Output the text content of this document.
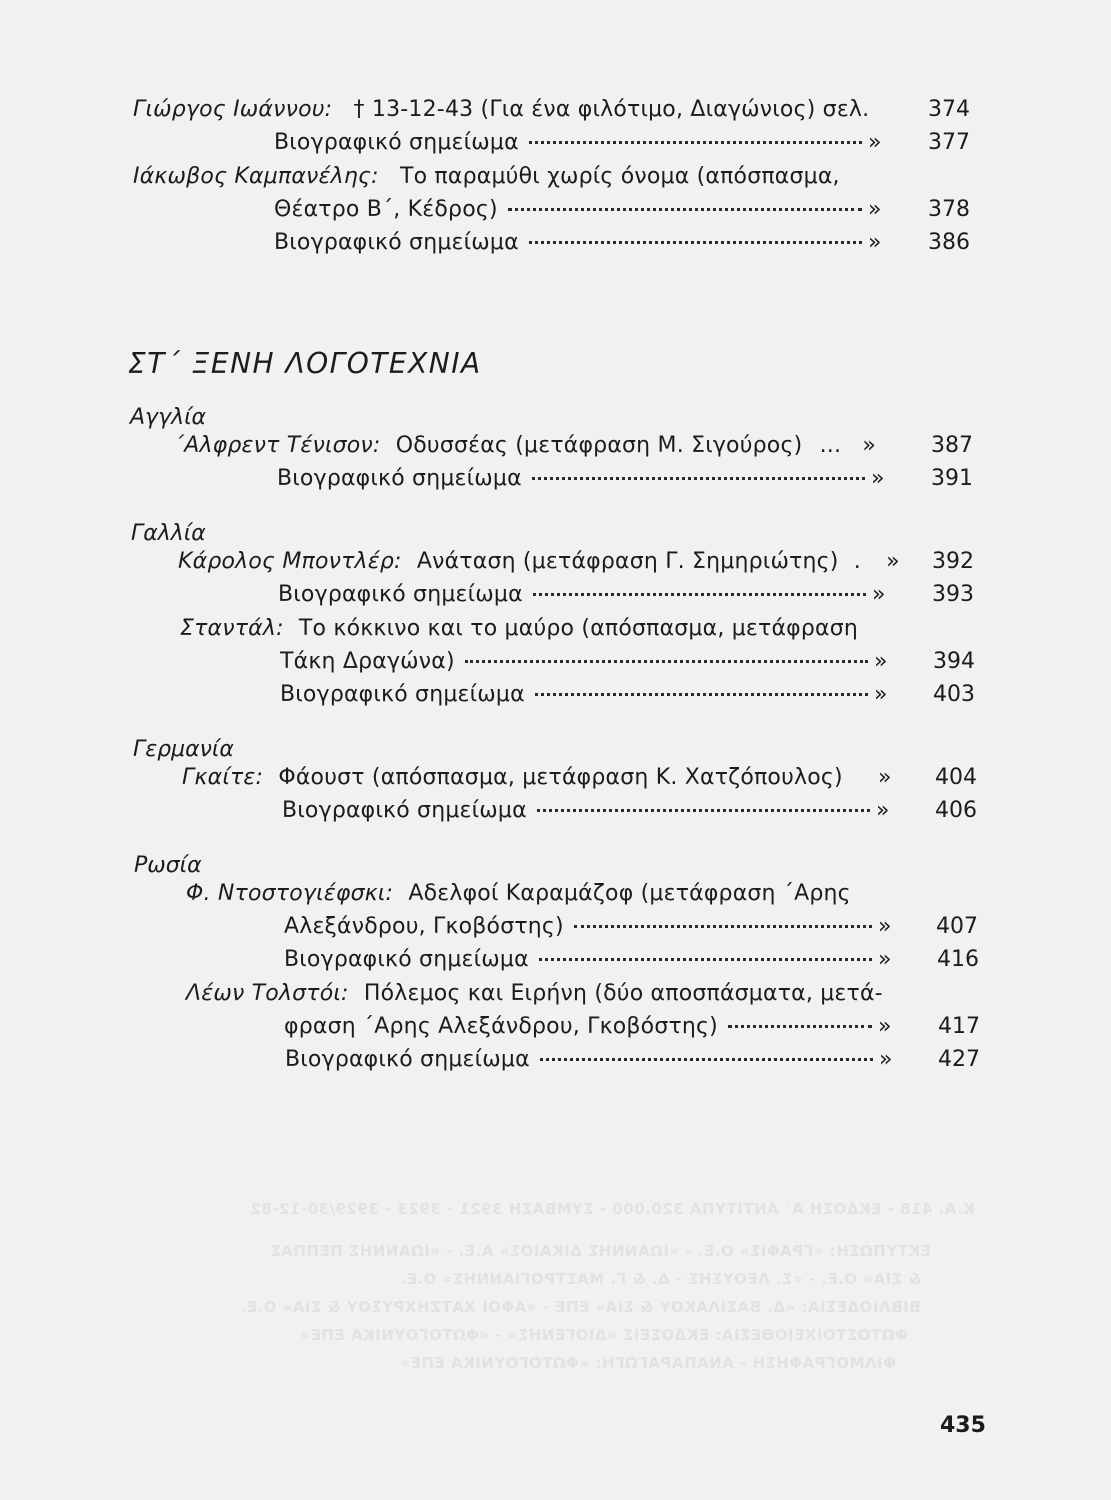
Γιώργος Ιωάννου: † 13-12-43 (Για ένα φιλότιμο, Διαγώνιος) σελ.	374
Βιογραφικό σημείωμα	»	377
Ιάκωβος Καμπανέλης: Το παραμύθι χωρίς όνομα (απόσπασμα,
Θέατρο Β΄, Κέδρος)	»	378
Βιογραφικό σημείωμα	»	386
ΣΤ΄ ΞΕΝΗ ΛΟΓΟΤΕΧΝΙΑ
Αγγλία
΄Αλφρεντ Τένισον: Οδυσσέας (μετάφραση Μ. Σιγούρος) ... » 387
Βιογραφικό σημείωμα	»	391
Γαλλία
Κάρολος Μποντλέρ: Ανάταση (μετάφραση Γ. Σημηριώτης) . » 392
Βιογραφικό σημείωμα	»	393
Σταντάλ: Το κόκκινο και το μαύρο (απόσπασμα, μετάφραση
Τάκη Δραγώνα)	»	394
Βιογραφικό σημείωμα	»	403
Γερμανία
Γκαίτε: Φάουστ (απόσπασμα, μετάφραση Κ. Χατζόπουλος) »	404
Βιογραφικό σημείωμα	»	406
Ρωσία
Φ. Ντοστογιέφσκι: Αδελφοί Καραμάζοφ (μετάφραση ΄Αρης
Αλεξάνδρου, Γκοβόστης)	»	407
Βιογραφικό σημείωμα	»	416
Λέων Τολστόι: Πόλεμος και Ειρήνη (δύο αποσπάσματα, μετά-
φραση ΄Αρης Αλεξάνδρου, Γκοβόστης)	»	417
Βιογραφικό σημείωμα	»	427
Κ.Α. 418 - ΕΚΔΟΣΗ Α΄ ΑΝΤΙΤΥΠΑ 320.000 - ΣΥΜΒΑΣΗ 3921 - 3923 - 3929/30-12-82
ΕΚΤΥΠΩΣΗ: «ΓΡΑΦΙΣ» Ο.Ε. - «ΙΩΑΝΝΗΣ ΔΙΚΑΙΟΣ» Α.Ε. - «ΙΩΑΝΝΗΣ ΠΕΠΠΑΣ
& ΣΙΑ» Ο.Ε. - «Σ. ΛΕΟΥΣΗΣ - Δ. & Γ. ΜΑΣΤΡΟΓΙΑΝΝΗΣ» Ο.Ε.
ΒΙΒΛΙΟΔΕΣΙΑ: «Δ. ΒΑΣΙΛΑΚΟΥ & ΣΙΑ» ΕΠΕ - «ΑΦΟΙ ΧΑΤΖΗΧΡΥΣΟΥ & ΣΙΑ» Ο.Ε.
ΦΩΤΟΣΤΟΙΧΕΙΟΘΕΣΙΑ: ΕΚΔΟΣΕΙΣ «ΔΙΟΓΕΝΗΣ» - «ΦΩΤΟΓΟΥΝΙΚΑ ΕΠΕ»
ΦΙΛΜΟΓΡΑΦΗΣΗ - ΑΝΑΠΑΡΑΓΩΓΗ: «ΦΩΤΟΓΟΥΝΙΚΑ ΕΠΕ»
435
